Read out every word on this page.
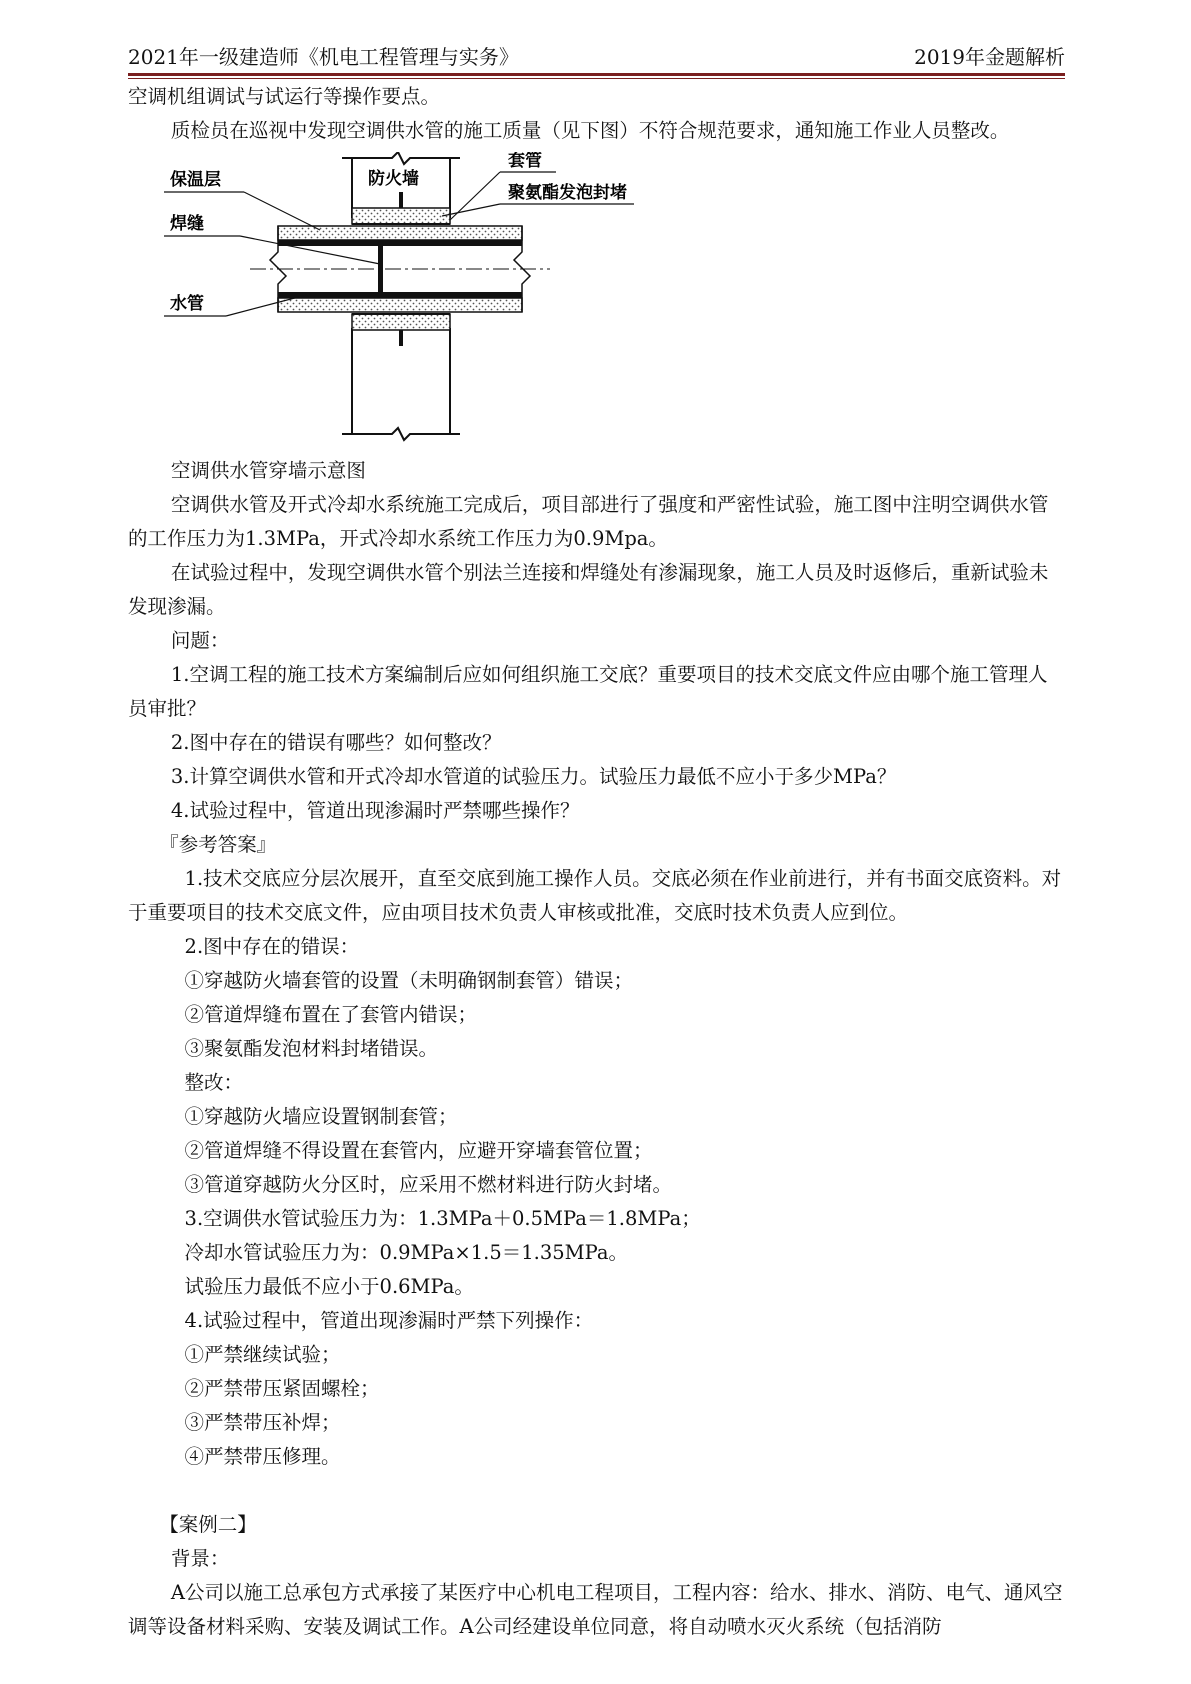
2021年一级建造师《机电工程管理与实务》	2019年金题解析

空调机组调试与试运行等操作要点。

质检员在巡视中发现空调供水管的施工质量（见下图）不符合规范要求，通知施工作业人员整改。

保温层
焊缝
水管
防火墙
套管
聚氨酯发泡封堵

空调供水管穿墙示意图

空调供水管及开式冷却水系统施工完成后，项目部进行了强度和严密性试验，施工图中注明空调供水管的工作压力为1.3MPa，开式冷却水系统工作压力为0.9Mpa。

在试验过程中，发现空调供水管个别法兰连接和焊缝处有渗漏现象，施工人员及时返修后，重新试验未发现渗漏。

问题：

1.空调工程的施工技术方案编制后应如何组织施工交底？重要项目的技术交底文件应由哪个施工管理人员审批？

2.图中存在的错误有哪些？如何整改？

3.计算空调供水管和开式冷却水管道的试验压力。试验压力最低不应小于多少MPa？

4.试验过程中，管道出现渗漏时严禁哪些操作？

『参考答案』

1.技术交底应分层次展开，直至交底到施工操作人员。交底必须在作业前进行，并有书面交底资料。对于重要项目的技术交底文件，应由项目技术负责人审核或批准，交底时技术负责人应到位。

2.图中存在的错误：

①穿越防火墙套管的设置（未明确钢制套管）错误；

②管道焊缝布置在了套管内错误；

③聚氨酯发泡材料封堵错误。

整改：

①穿越防火墙应设置钢制套管；

②管道焊缝不得设置在套管内，应避开穿墙套管位置；

③管道穿越防火分区时，应采用不燃材料进行防火封堵。

3.空调供水管试验压力为：1.3MPa＋0.5MPa＝1.8MPa；

冷却水管试验压力为：0.9MPa×1.5＝1.35MPa。

试验压力最低不应小于0.6MPa。

4.试验过程中，管道出现渗漏时严禁下列操作：

①严禁继续试验；

②严禁带压紧固螺栓；

③严禁带压补焊；

④严禁带压修理。

【案例二】

背景：

A公司以施工总承包方式承接了某医疗中心机电工程项目，工程内容：给水、排水、消防、电气、通风空调等设备材料采购、安装及调试工作。A公司经建设单位同意，将自动喷水灭火系统（包括消防
